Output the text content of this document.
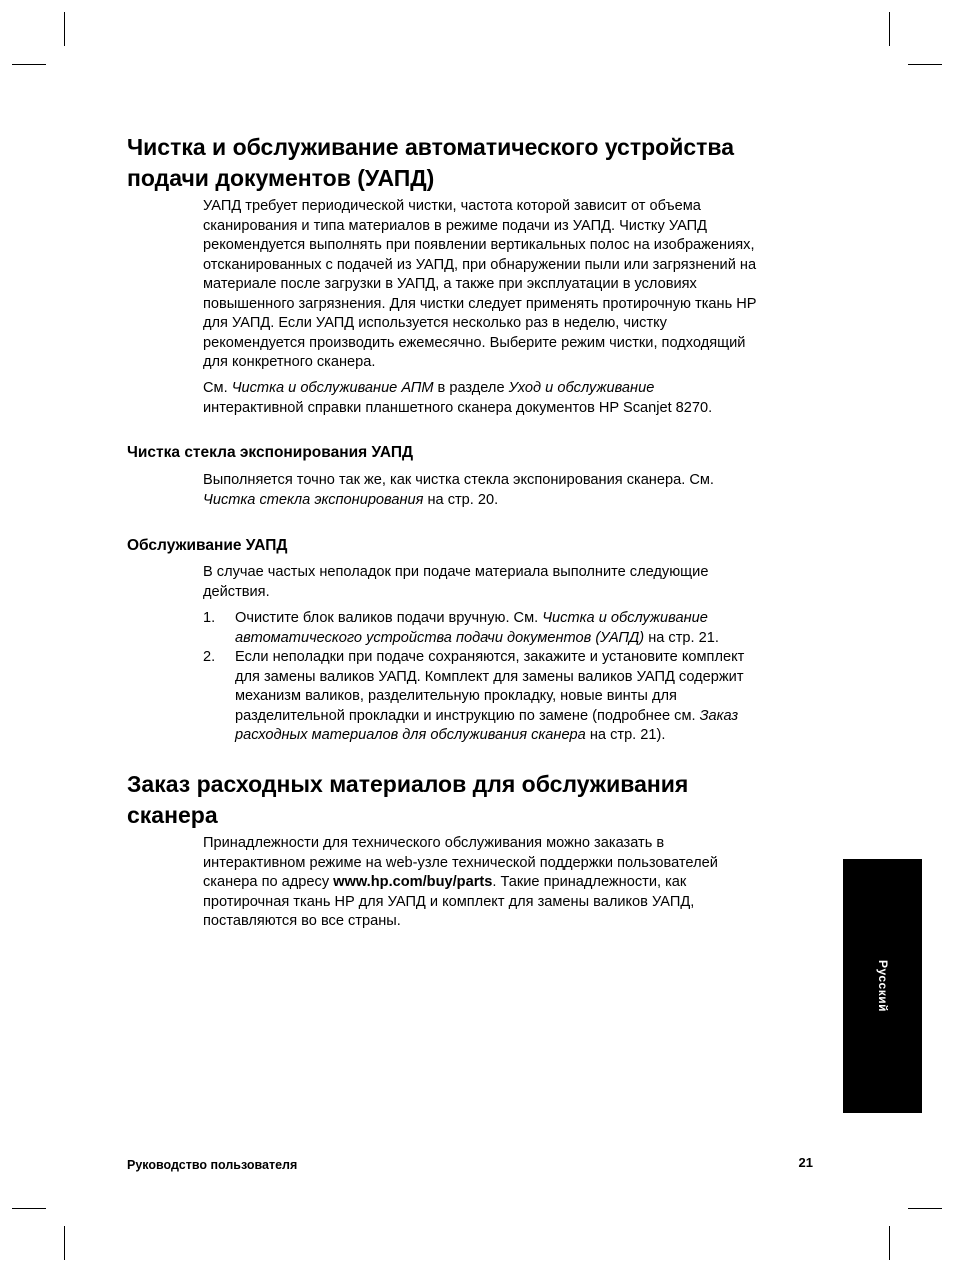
Чистка и обслуживание автоматического устройства
подачи документов (УАПД)

УАПД требует периодической чистки, частота которой зависит от объема
сканирования и типа материалов в режиме подачи из УАПД. Чистку УАПД
рекомендуется выполнять при появлении вертикальных полос на изображениях,
отсканированных с подачей из УАПД, при обнаружении пыли или загрязнений на
материале после загрузки в УАПД, а также при эксплуатации в условиях
повышенного загрязнения. Для чистки следует применять протирочную ткань HP
для УАПД. Если УАПД используется несколько раз в неделю, чистку
рекомендуется производить ежемесячно. Выберите режим чистки, подходящий
для конкретного сканера.

См. Чистка и обслуживание АПМ в разделе Уход и обслуживание
интерактивной справки планшетного сканера документов HP Scanjet 8270.

Чистка стекла экспонирования УАПД

Выполняется точно так же, как чистка стекла экспонирования сканера. См.
Чистка стекла экспонирования на стр. 20.

Обслуживание УАПД

В случае частых неполадок при подаче материала выполните следующие
действия.

1. Очистите блок валиков подачи вручную. См. Чистка и обслуживание
автоматического устройства подачи документов (УАПД) на стр. 21.
2. Если неполадки при подаче сохраняются, закажите и установите комплект
для замены валиков УАПД. Комплект для замены валиков УАПД содержит
механизм валиков, разделительную прокладку, новые винты для
разделительной прокладки и инструкцию по замене (подробнее см. Заказ
расходных материалов для обслуживания сканера на стр. 21).
Заказ расходных материалов для обслуживания
сканера

Принадлежности для технического обслуживания можно заказать в
интерактивном режиме на web-узле технической поддержки пользователей
сканера по адресу www.hp.com/buy/parts. Такие принадлежности, как
протирочная ткань HP для УАПД и комплект для замены валиков УАПД,
поставляются во все страны.

Русский
Руководство пользователя	21
